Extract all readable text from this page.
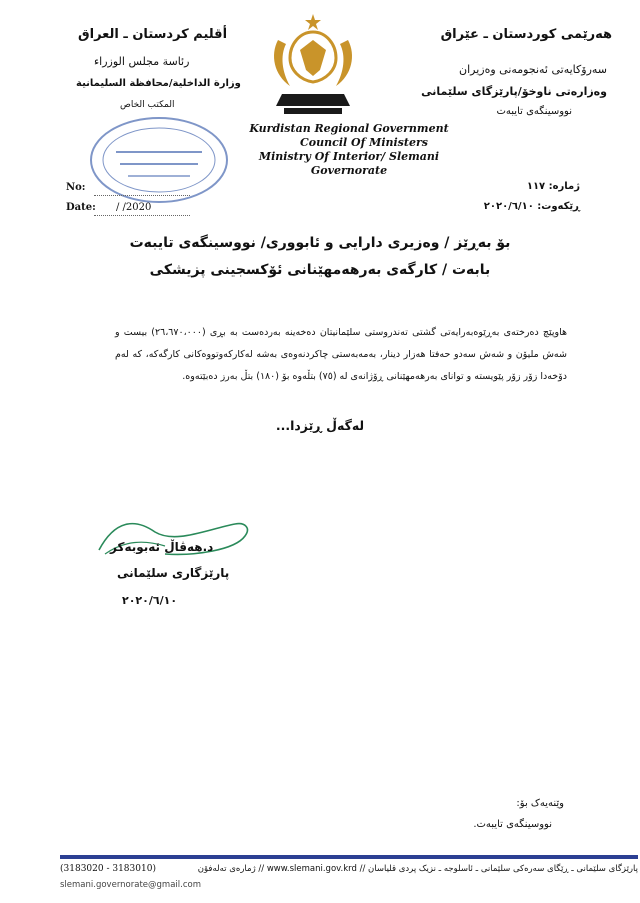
أقليم كردستان ـ العراق
رئاسة مجلس الوزراء
وزارة الداخلية/محافظة السليمانية
المكتب الخاص
هەرێمی کوردستان ـ عێراق
سەرۆکایەتی ئەنجومەنی وەزیران
وەزارەتی ناوخۆ/پارێزگای سلێمانی
نووسینگەی تایبەت
Kurdistan Regional Government
Council Of Ministers
Ministry Of Interior/ Slemani Governorate
No:
Date: / /2020
ژمارە: ١١٧
ڕێکەوت: ٢٠٢٠/٦/١٠
بۆ بەڕێز / وەزیری دارایی و ئابووری/ نووسینگەی تایبەت
بابەت / کارگەی بەرهەمهێنانی ئۆکسجینی پزیشکی
هاوپێچ دەرختەی بەڕێوەبەرایەتی گشتی تەندروستی سلێمانیتان دەخەینە بەردەست بە بڕی (٢٦،٦٧٠،٠٠٠) بیست و شەش ملیۆن و شەش سەدو حەفتا هەزار دینار، بەمەبەستی چاکردنەوەی بەشە لەکارکەوتووەکانی کارگەکە، کە لەم دۆخەدا زۆر زۆر پێویستە و توانای بەرهەمهێنانی ڕۆژانەی لە (٧٥) بتڵەوە بۆ (١٨٠) بتڵ بەرز دەبێتەوە.
لەگەڵ ڕێزدا...
د.هەڤاڵ ئەبوبەکر
پارێزگاری سلێمانی
٢٠٢٠/٦/١٠
وێنەیەک بۆ:
نووسینگەی تایبەت.
پارێزگای سلێمانی ـ ڕێگای سەرەکی سلێمانی ـ ئاسلوجە ـ نزیک پردی قلیاسان // www.slemani.gov.krd // ژمارەی تەلەفۆن
(3183020 - 3183010)
slemani.governorate@gmail.com
